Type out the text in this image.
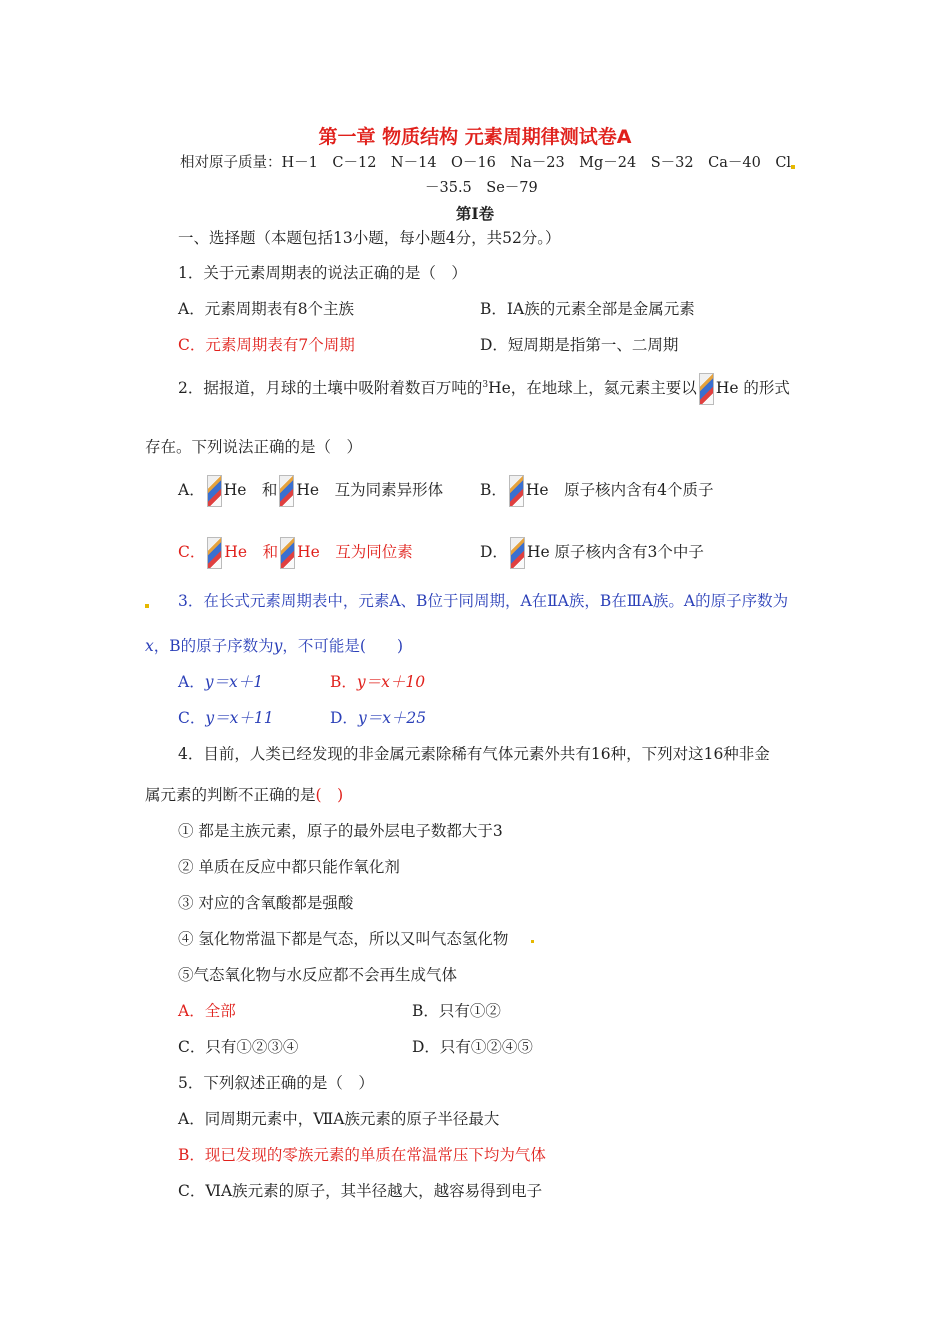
第一章 物质结构 元素周期律测试卷A
相对原子质量：H－1　C－12　N－14　O－16　Na－23　Mg－24　S－32　Ca－40　Cl
－35.5　Se－79
第Ⅰ卷
一、选择题（本题包括13小题，每小题4分，共52分。）
1．关于元素周期表的说法正确的是（　）
A．元素周期表有8个主族	B．ⅠA族的元素全部是金属元素
C．元素周期表有7个周期	D．短周期是指第一、二周期
2．据报道，月球的土壤中吸附着数百万吨的$^3$He，在地球上，氦元素主要以 He 的形式
存在。下列说法正确的是（　）
A． He　和 He　互为同素异形体 B． He　原子核内含有4个质子
C． He　和 He　互为同位素	D． He 原子核内含有3个中子
3．在长式元素周期表中，元素A、B位于同周期，A在ⅡA族，B在ⅢA族。A的原子序数为
x，B的原子序数为y，不可能是(　　)
A．y＝x＋1	B．y＝x＋10
C．y＝x＋11	D．y＝x＋25
4．目前，人类已经发现的非金属元素除稀有气体元素外共有16种，下列对这16种非金
属元素的判断不正确的是(　)
① 都是主族元素，原子的最外层电子数都大于3
② 单质在反应中都只能作氧化剂
③ 对应的含氧酸都是强酸
④ 氢化物常温下都是气态，所以又叫气态氢化物
⑤气态氧化物与水反应都不会再生成气体
A．全部	B．只有①②
C．只有①②③④	D．只有①②④⑤
5．下列叙述正确的是（　）
A．同周期元素中，ⅦA族元素的原子半径最大
B．现已发现的零族元素的单质在常温常压下均为气体
C．ⅥA族元素的原子，其半径越大，越容易得到电子
